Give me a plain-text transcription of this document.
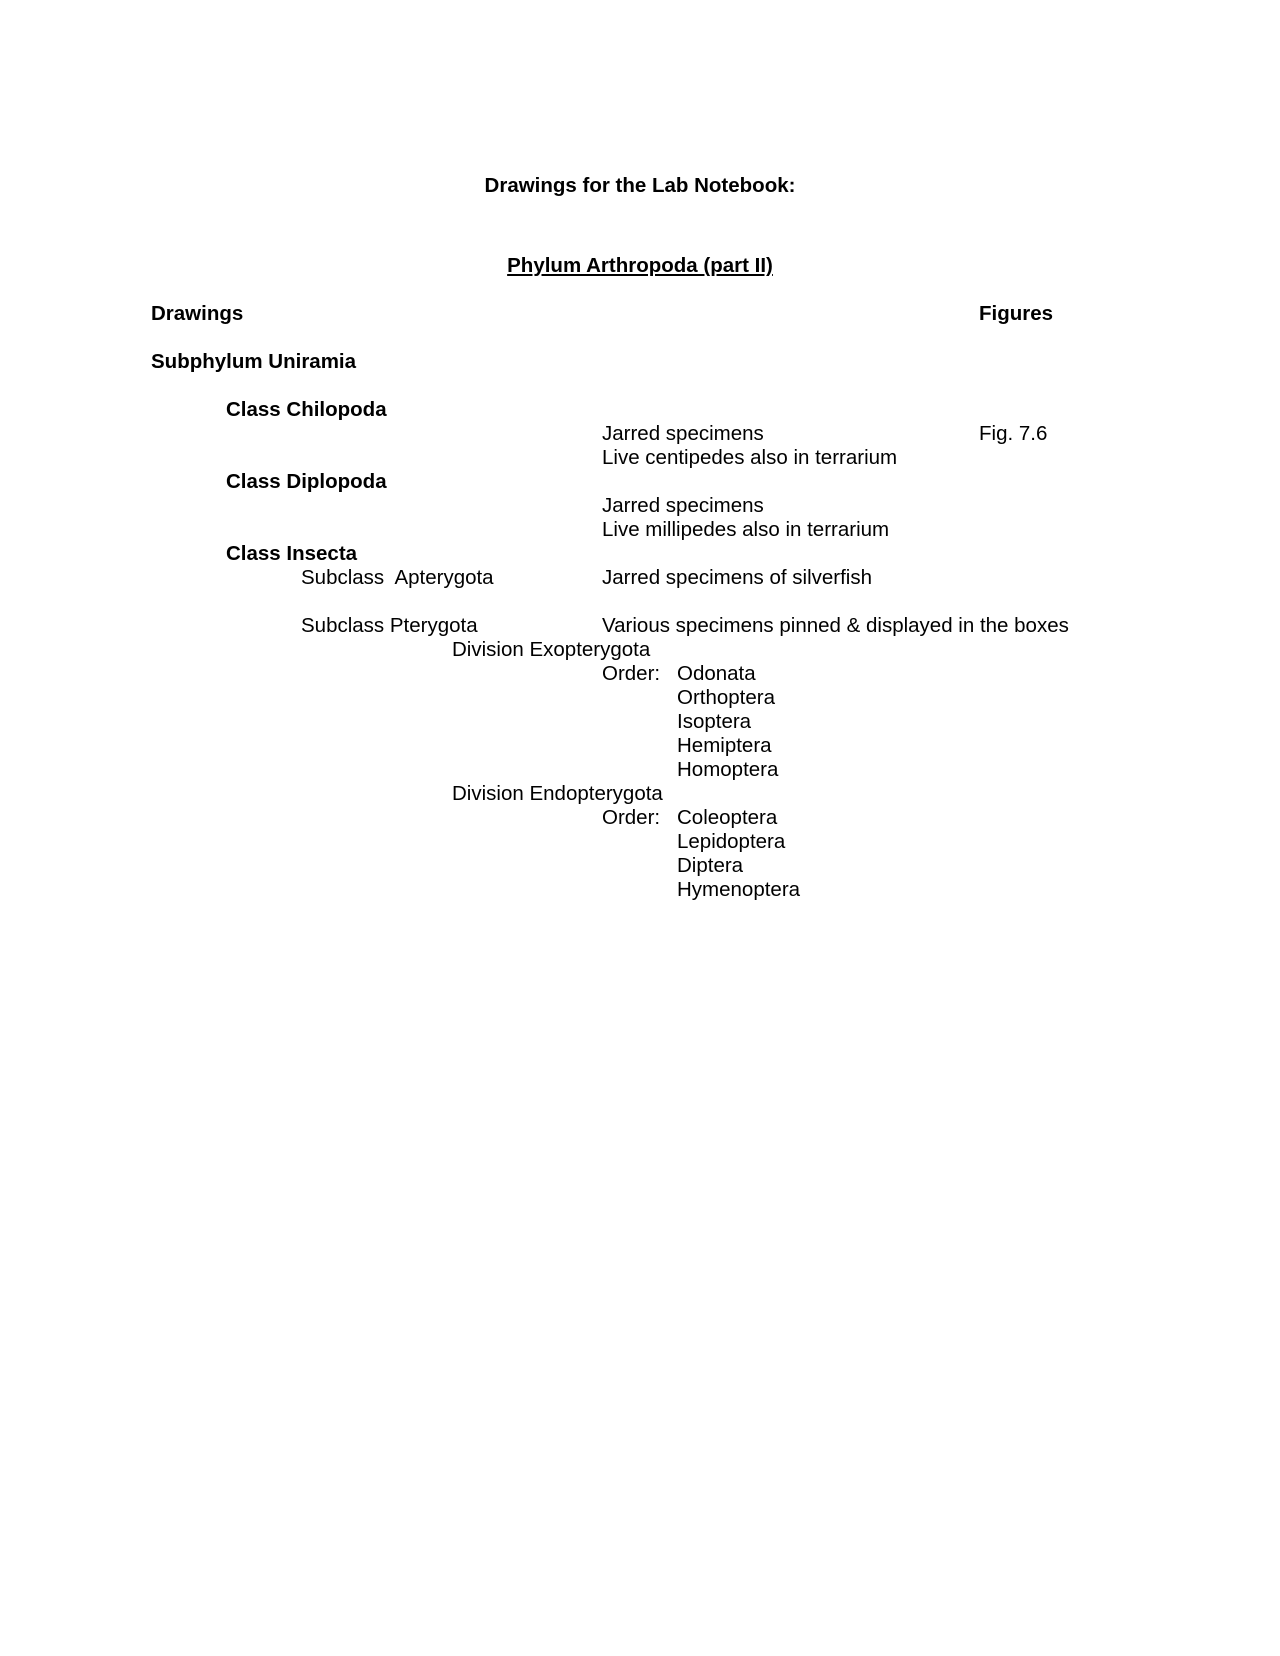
Drawings for the Lab Notebook:

Phylum Arthropoda (part II)

Drawings	Figures

Subphylum Uniramia

Class Chilopoda

Jarred specimens	Fig. 7.6

Live centipedes also in terrarium

Class Diplopoda

Jarred specimens

Live millipedes also in terrarium

Class Insecta

Subclass  Apterygota	Jarred specimens of silverfish

Subclass Pterygota	Various specimens pinned & displayed in the boxes

Division Exopterygota

Order: Odonata

Orthoptera

Isoptera

Hemiptera

Homoptera

Division Endopterygota

Order: Coleoptera

Lepidoptera

Diptera

Hymenoptera
